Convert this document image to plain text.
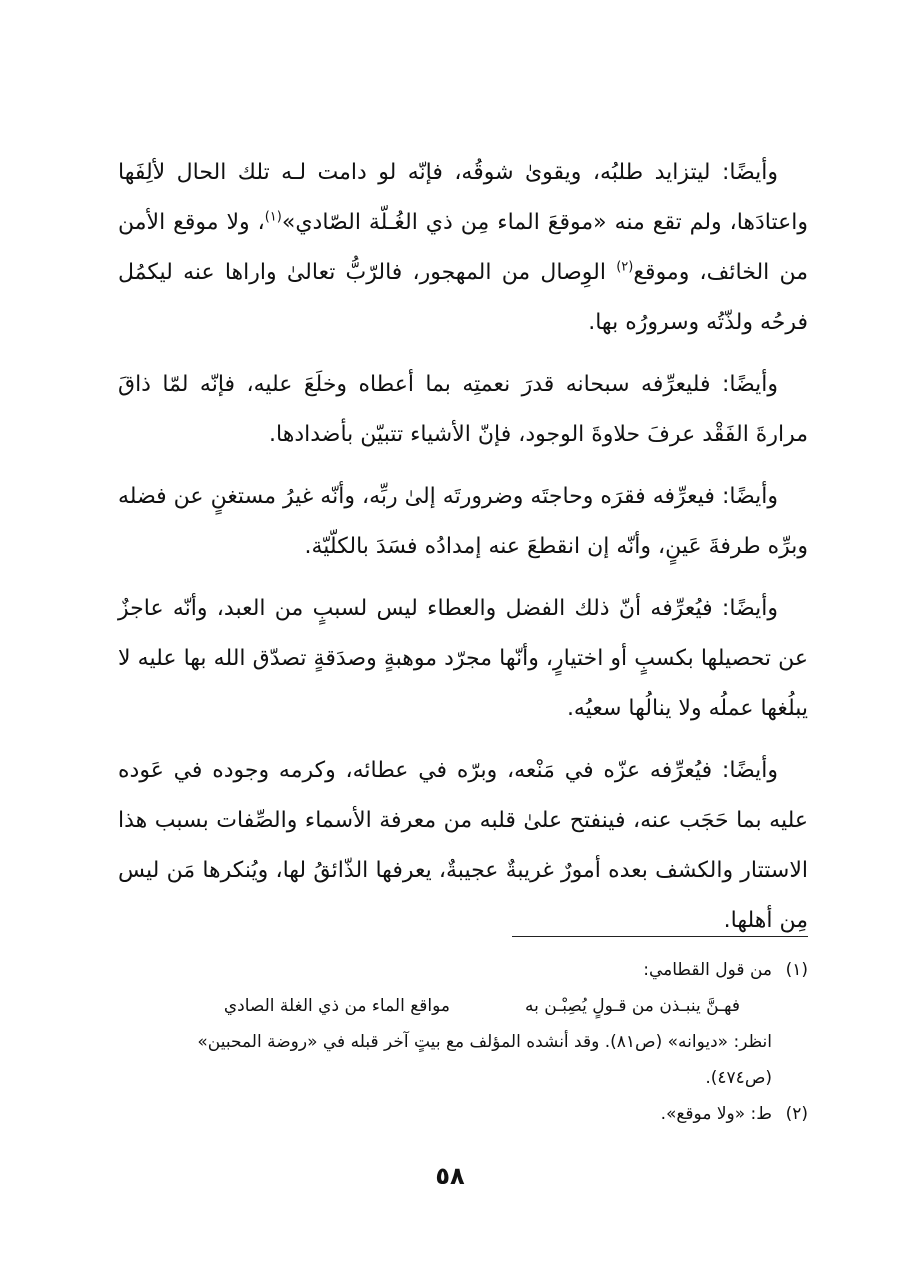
وأيضًا: ليتزايد طلبُه، ويقوىٰ شوقُه، فإنّه لو دامت لـه تلك الحال لألِفَها واعتادَها، ولم تقع منه «موقعَ الماء مِن ذي الغُـلّة الصّادي»$^{(١)}$، ولا موقع الأمن من الخائف، وموقع$^{(٢)}$ الوِصال من المهجور، فالرّبُّ تعالىٰ واراها عنه ليكمُل فرحُه ولذّتُه وسرورُه بها.

وأيضًا: فليعرِّفه سبحانه قدرَ نعمتِه بما أعطاه وخلَعَ عليه، فإنّه لمّا ذاقَ مرارةَ الفَقْد عرفَ حلاوةَ الوجود، فإنّ الأشياء تتبيّن بأضدادها.

وأيضًا: فيعرِّفه فقرَه وحاجتَه وضرورتَه إلىٰ ربِّه، وأنّه غيرُ مستغنٍ عن فضله وبرِّه طرفةَ عَينٍ، وأنّه إن انقطعَ عنه إمدادُه فسَدَ بالكلّيّة.

وأيضًا: فيُعرِّفه أنّ ذلك الفضل والعطاء ليس لسببٍ من العبد، وأنّه عاجزٌ عن تحصيلها بكسبٍ أو اختيارٍ، وأنّها مجرّد موهبةٍ وصدَقةٍ تصدّق الله بها عليه لا يبلُغها عملُه ولا ينالُها سعيُه.

وأيضًا: فيُعرِّفه عزّه في مَنْعه، وبرّه في عطائه، وكرمه وجوده في عَوده عليه بما حَجَب عنه، فينفتح علىٰ قلبه من معرفة الأسماء والصِّفات بسبب هذا الاستتار والكشف بعده أمورٌ غريبةٌ عجيبةٌ، يعرفها الذّائقُ لها، ويُنكرها مَن ليس مِن أهلها.

(١)من قول القطامي:

فهـنَّ ينبـذن من قـولٍ يُصِبْـن به
مواقع الماء من ذي الغلة الصادي

انظر: «ديوانه» (ص٨١). وقد أنشده المؤلف مع بيتٍ آخر قبله في «روضة المحبين»

(ص٤٧٤).

(٢)ط: «ولا موقع».

٥٨
